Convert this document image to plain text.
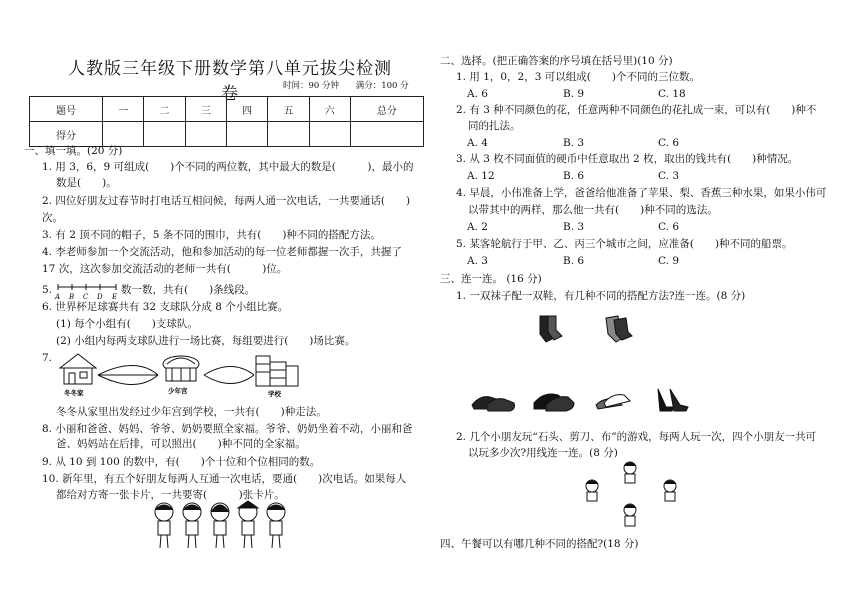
人教版三年级下册数学第八单元拔尖检测卷	时间：90 分钟 满分：100 分
题号	一	二	三	四	五	六	总分
得分							
一、填一填。(20 分)
1. 用 3，6，9 可组成(　　)个不同的两位数，其中最大的数是(　　　)，最小的
数是(　　)。
2. 四位好朋友过春节时打电话互相问候，每两人通一次电话，一共要通话(　　)
次。
3. 有 2 顶不同的帽子，5 条不同的围巾，共有(　　)种不同的搭配方法。
4. 李老师参加一个交流活动，他和参加活动的每一位老师都握一次手，共握了
17 次，这次参加交流活动的老师一共有(　　　)位。
5.
A B C D E
数一数，共有(　　)条线段。
6. 世界杯足球赛共有 32 支球队分成 8 个小组比赛。
(1) 每个小组有(　　)支球队。
(2) 小组内每两支球队进行一场比赛，每组要进行(　　)场比赛。
7.
冬冬家	少年宫	学校
冬冬从家里出发经过少年宫到学校，一共有(　　)种走法。
8. 小丽和爸爸、妈妈、爷爷、奶奶要照全家福。爷爷、奶奶坐着不动，小丽和爸
爸、妈妈站在后排，可以照出(　　)种不同的全家福。
9. 从 10 到 100 的数中，有(　　)个十位和个位相同的数。
10. 新年里，有五个好朋友每两人互通一次电话，要通(　　)次电话。如果每人
都给对方寄一张卡片，一共要寄(　　　)张卡片。
二、选择。(把正确答案的序号填在括号里)(10 分)
1. 用 1，0，2，3 可以组成(　　)个不同的三位数。
A. 6	B. 9	C. 18
2. 有 3 种不同颜色的花，任意两种不同颜色的花扎成一束，可以有(　　)种不
同的扎法。
A. 4	B. 3	C. 6
3. 从 3 枚不同面值的硬币中任意取出 2 枚，取出的钱共有(　　)种情况。
A. 12	B. 6	C. 3
4. 早晨，小伟准备上学，爸爸给他准备了苹果、梨、香蕉三种水果，如果小伟可
以带其中的两样，那么他一共有(　　)种不同的选法。
A. 2	B. 3	C. 6
5. 某客轮航行于甲、乙、丙三个城市之间，应准备(　　)种不同的船票。
A. 3	B. 6	C. 9
三、连一连。 (16 分)
1. 一双袜子配一双鞋，有几种不同的搭配方法?连一连。(8 分)
2. 几个小朋友玩“石头、剪刀、布”的游戏，每两人玩一次，四个小朋友一共可
以玩多少次?用线连一连。(8 分)
四、午餐可以有哪几种不同的搭配?(18 分)
